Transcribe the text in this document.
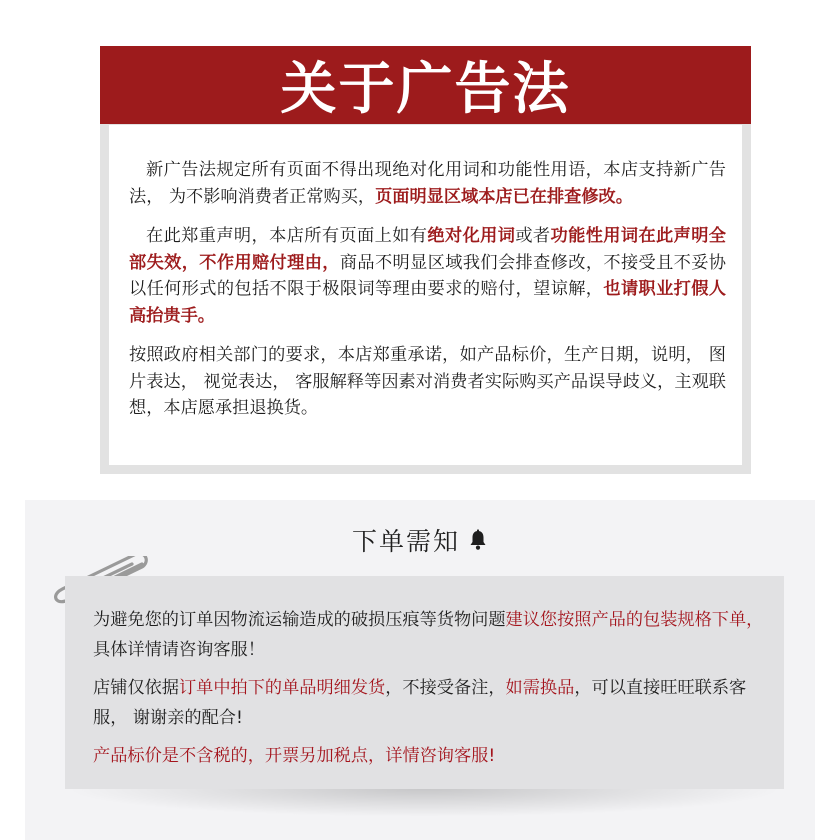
关于广告法

新广告法规定所有页面不得出现绝对化用词和功能性用语，本店支持新广告法， 为不影响消费者正常购买，页面明显区域本店已在排查修改。

在此郑重声明，本店所有页面上如有绝对化用词或者功能性用词在此声明全部失效，不作用赔付理由，商品不明显区域我们会排查修改，不接受且不妥协以任何形式的包括不限于极限词等理由要求的赔付，望谅解，也请职业打假人高抬贵手。

按照政府相关部门的要求，本店郑重承诺，如产品标价，生产日期，说明， 图片表达， 视觉表达， 客服解释等因素对消费者实际购买产品误导歧义，主观联想，本店愿承担退换货。

下单需知

为避免您的订单因物流运输造成的破损压痕等货物问题建议您按照产品的包装规格下单，具体详情请咨询客服！

店铺仅依据订单中拍下的单品明细发货，不接受备注，如需换品，可以直接旺旺联系客服， 谢谢亲的配合!

产品标价是不含税的，开票另加税点，详情咨询客服!
